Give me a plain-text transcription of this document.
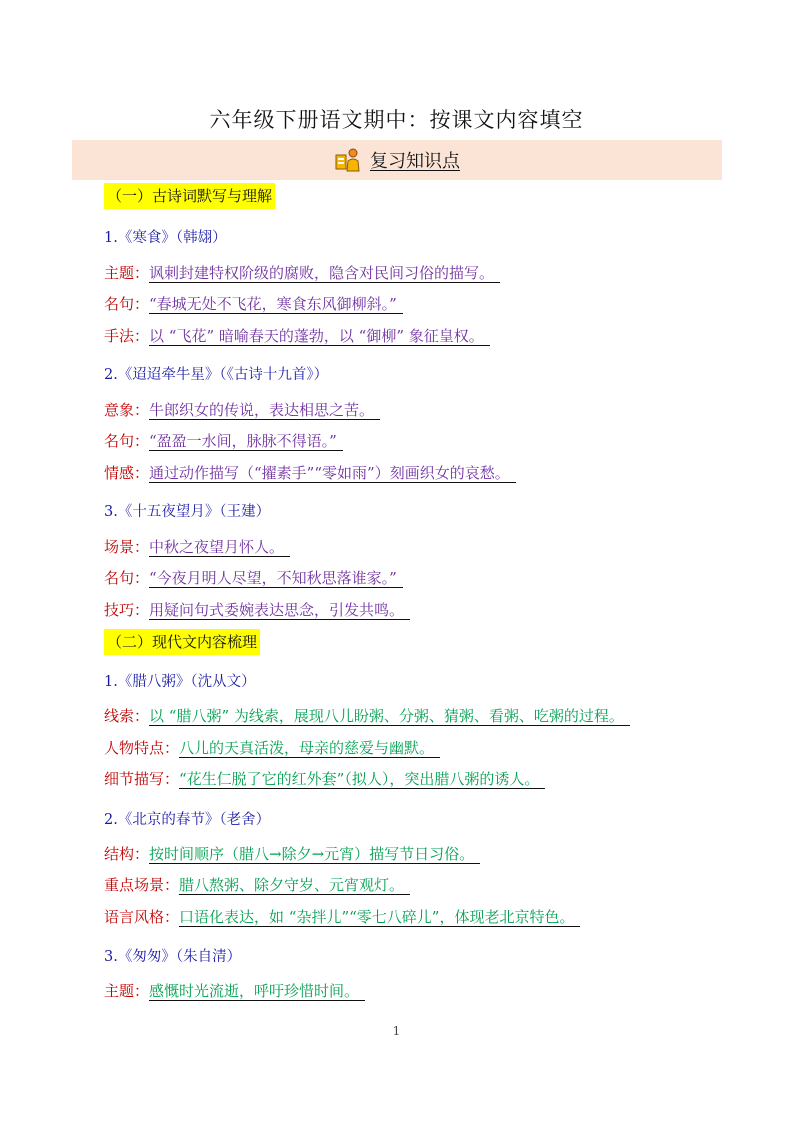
六年级下册语文期中：按课文内容填空
复习知识点
（一）古诗词默写与理解
1.《寒食》（韩翃）
主题：讽刺封建特权阶级的腐败，隐含对民间习俗的描写。
名句：“春城无处不飞花，寒食东风御柳斜。”
手法：以 “飞花” 暗喻春天的蓬勃，以 “御柳” 象征皇权。
2.《迢迢牵牛星》（《古诗十九首》）
意象：牛郎织女的传说，表达相思之苦。
名句：“盈盈一水间，脉脉不得语。”
情感：通过动作描写（“擢素手”“零如雨”）刻画织女的哀愁。
3.《十五夜望月》（王建）
场景：中秋之夜望月怀人。
名句：“今夜月明人尽望，不知秋思落谁家。”
技巧：用疑问句式委婉表达思念，引发共鸣。
（二）现代文内容梳理
1.《腊八粥》（沈从文）
线索：以 “腊八粥” 为线索，展现八儿盼粥、分粥、猜粥、看粥、吃粥的过程。
人物特点：八儿的天真活泼，母亲的慈爱与幽默。
细节描写：“花生仁脱了它的红外套”（拟人），突出腊八粥的诱人。
2.《北京的春节》（老舍）
结构：按时间顺序（腊八→除夕→元宵）描写节日习俗。
重点场景：腊八熬粥、除夕守岁、元宵观灯。
语言风格：口语化表达，如 “杂拌儿”“零七八碎儿”，体现老北京特色。
3.《匆匆》（朱自清）
主题：感慨时光流逝，呼吁珍惜时间。
1
